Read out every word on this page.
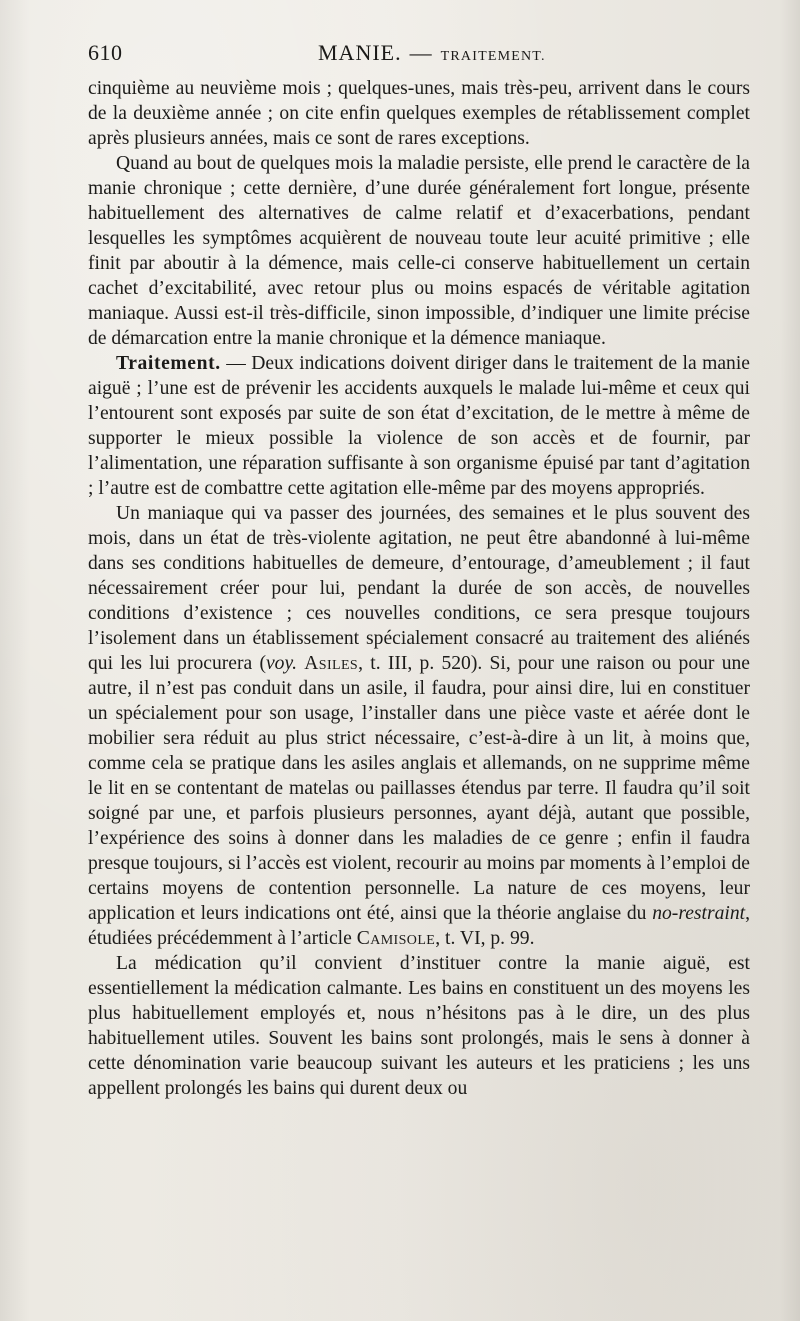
610	MANIE. — TRAITEMENT.

cinquième au neuvième mois ; quelques-unes, mais très-peu, arrivent dans le cours de la deuxième année ; on cite enfin quelques exemples de rétablissement complet après plusieurs années, mais ce sont de rares exceptions.

Quand au bout de quelques mois la maladie persiste, elle prend le caractère de la manie chronique ; cette dernière, d’une durée généralement fort longue, présente habituellement des alternatives de calme relatif et d’exacerbations, pendant lesquelles les symptômes acquièrent de nouveau toute leur acuité primitive ; elle finit par aboutir à la démence, mais celle-ci conserve habituellement un certain cachet d’excitabilité, avec retour plus ou moins espacés de véritable agitation maniaque. Aussi est-il très-difficile, sinon impossible, d’indiquer une limite précise de démarcation entre la manie chronique et la démence maniaque.

Traitement. — Deux indications doivent diriger dans le traitement de la manie aiguë ; l’une est de prévenir les accidents auxquels le malade lui-même et ceux qui l’entourent sont exposés par suite de son état d’excitation, de le mettre à même de supporter le mieux possible la violence de son accès et de fournir, par l’alimentation, une réparation suffisante à son organisme épuisé par tant d’agitation ; l’autre est de combattre cette agitation elle-même par des moyens appropriés.

Un maniaque qui va passer des journées, des semaines et le plus souvent des mois, dans un état de très-violente agitation, ne peut être abandonné à lui-même dans ses conditions habituelles de demeure, d’entourage, d’ameublement ; il faut nécessairement créer pour lui, pendant la durée de son accès, de nouvelles conditions d’existence ; ces nouvelles conditions, ce sera presque toujours l’isolement dans un établissement spécialement consacré au traitement des aliénés qui les lui procurera (voy. Asiles, t. III, p. 520). Si, pour une raison ou pour une autre, il n’est pas conduit dans un asile, il faudra, pour ainsi dire, lui en constituer un spécialement pour son usage, l’installer dans une pièce vaste et aérée dont le mobilier sera réduit au plus strict nécessaire, c’est-à-dire à un lit, à moins que, comme cela se pratique dans les asiles anglais et allemands, on ne supprime même le lit en se contentant de matelas ou paillasses étendus par terre. Il faudra qu’il soit soigné par une, et parfois plusieurs personnes, ayant déjà, autant que possible, l’expérience des soins à donner dans les maladies de ce genre ; enfin il faudra presque toujours, si l’accès est violent, recourir au moins par moments à l’emploi de certains moyens de contention personnelle. La nature de ces moyens, leur application et leurs indications ont été, ainsi que la théorie anglaise du no-restraint, étudiées précédemment à l’article Camisole, t. VI, p. 99.

La médication qu’il convient d’instituer contre la manie aiguë, est essentiellement la médication calmante. Les bains en constituent un des moyens les plus habituellement employés et, nous n’hésitons pas à le dire, un des plus habituellement utiles. Souvent les bains sont prolongés, mais le sens à donner à cette dénomination varie beaucoup suivant les auteurs et les praticiens ; les uns appellent prolongés les bains qui durent deux ou
